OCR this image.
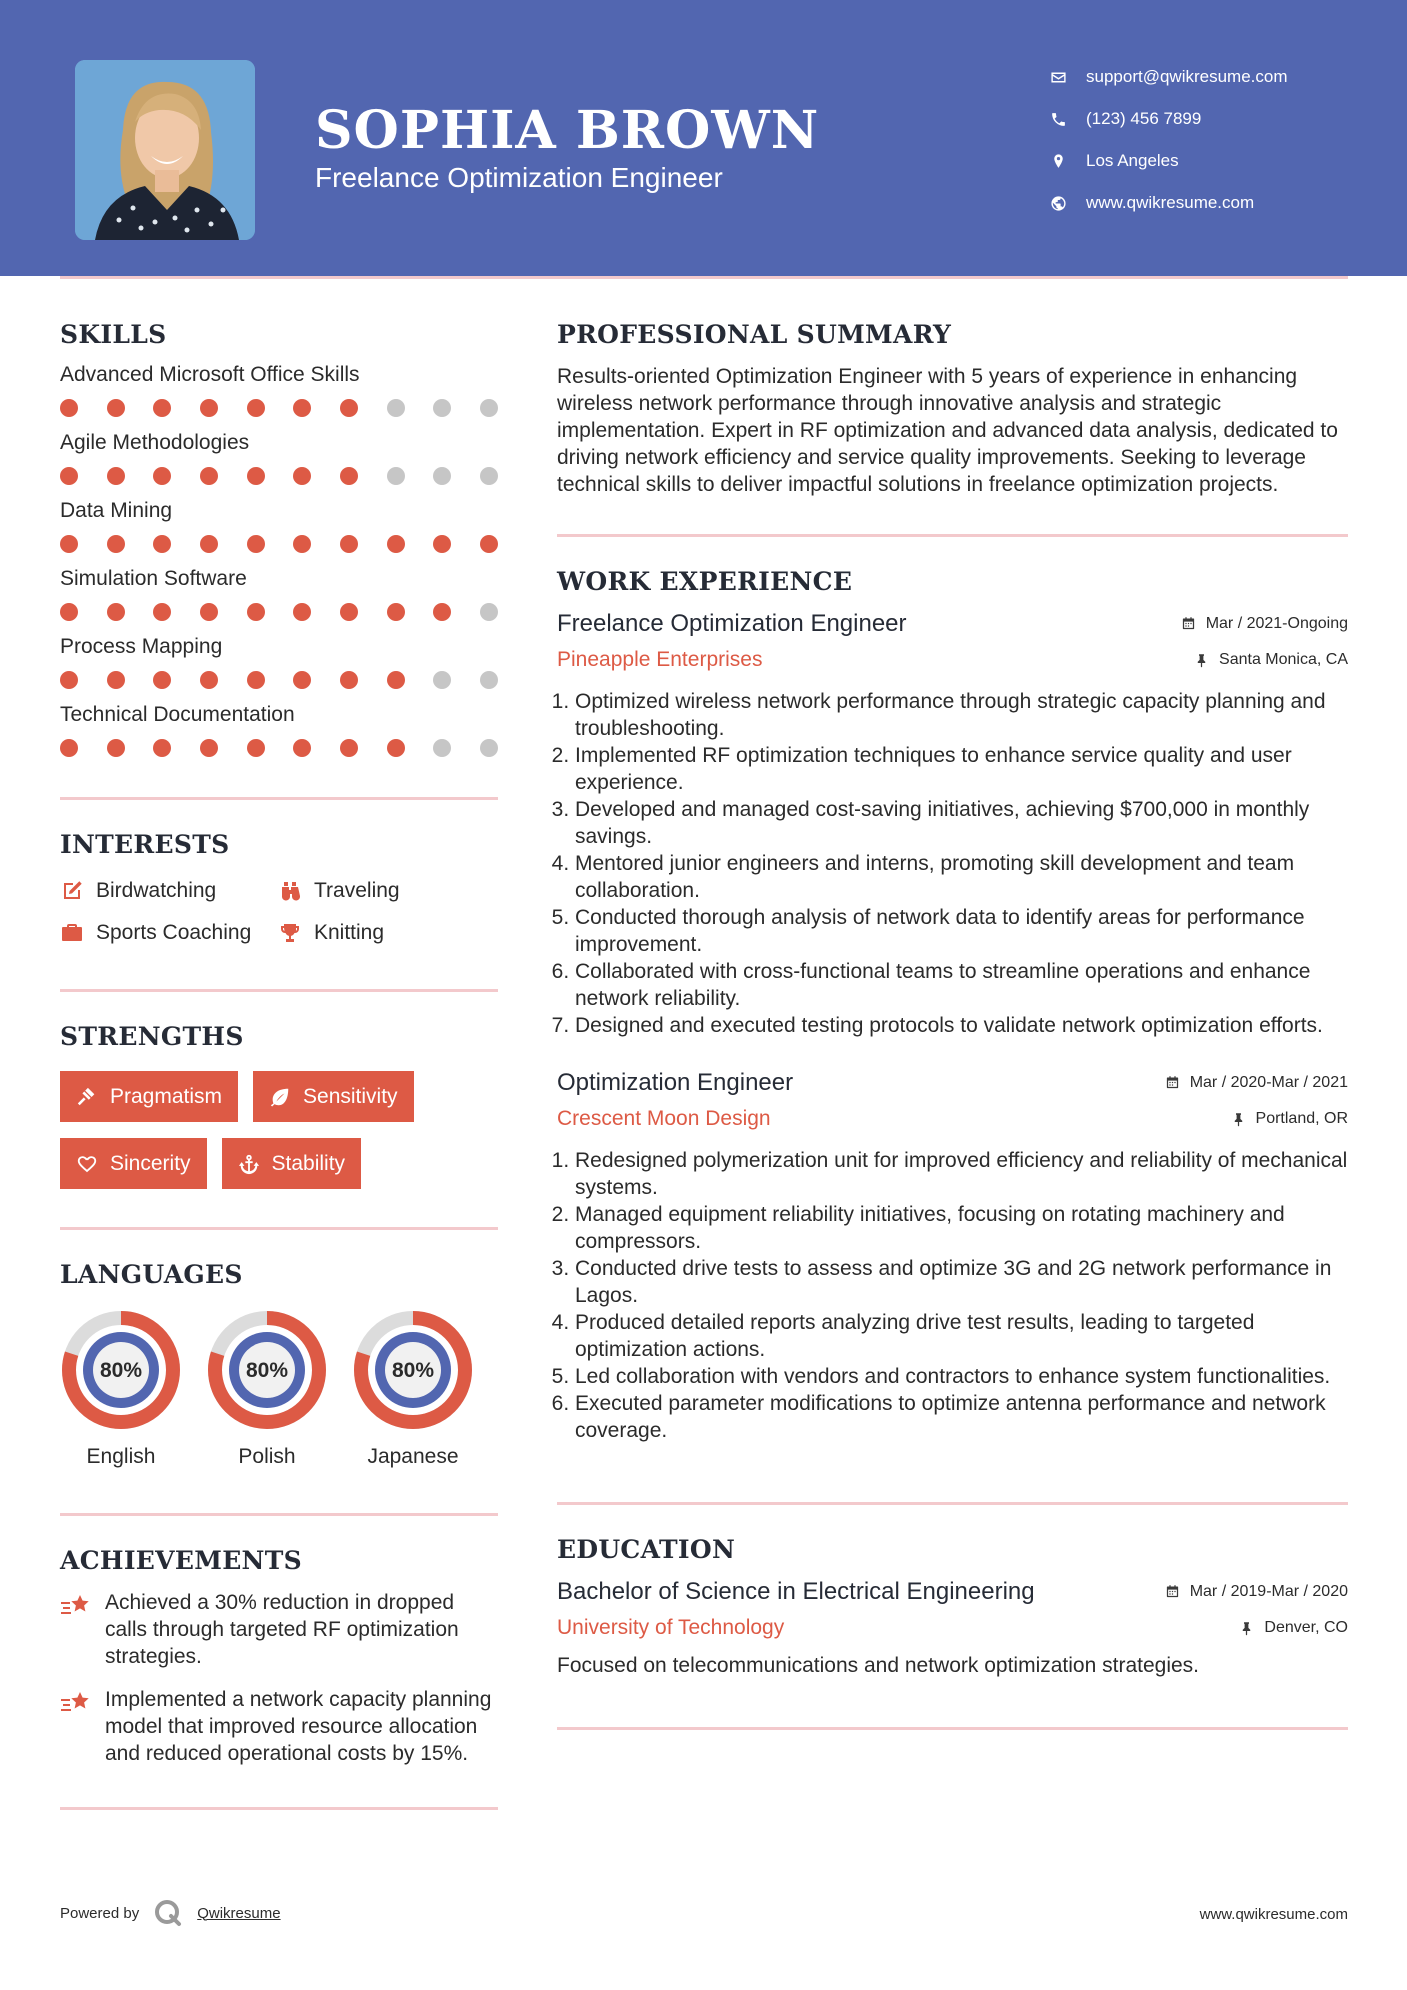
SOPHIA BROWN
Freelance Optimization Engineer
support@qwikresume.com
(123) 456 7899
Los Angeles
www.qwikresume.com
SKILLS
Advanced Microsoft Office Skills
Agile Methodologies
Data Mining
Simulation Software
Process Mapping
Technical Documentation
INTERESTS
Birdwatching	Traveling
Sports Coaching	Knitting
STRENGTHS
Pragmatism	Sensitivity
Sincerity	Stability
LANGUAGES
80%
English
80%
Polish
80%
Japanese
ACHIEVEMENTS
Achieved a 30% reduction in dropped calls through targeted RF optimization strategies.
Implemented a network capacity planning model that improved resource allocation and reduced operational costs by 15%.
PROFESSIONAL SUMMARY
Results-oriented Optimization Engineer with 5 years of experience in enhancing wireless network performance through innovative analysis and strategic implementation. Expert in RF optimization and advanced data analysis, dedicated to driving network efficiency and service quality improvements. Seeking to leverage technical skills to deliver impactful solutions in freelance optimization projects.
WORK EXPERIENCE
Freelance Optimization Engineer	Mar / 2021-Ongoing
Pineapple Enterprises	Santa Monica, CA
1. Optimized wireless network performance through strategic capacity planning and troubleshooting.
2. Implemented RF optimization techniques to enhance service quality and user experience.
3. Developed and managed cost-saving initiatives, achieving $700,000 in monthly savings.
4. Mentored junior engineers and interns, promoting skill development and team collaboration.
5. Conducted thorough analysis of network data to identify areas for performance improvement.
6. Collaborated with cross-functional teams to streamline operations and enhance network reliability.
7. Designed and executed testing protocols to validate network optimization efforts.
Optimization Engineer	Mar / 2020-Mar / 2021
Crescent Moon Design	Portland, OR
1. Redesigned polymerization unit for improved efficiency and reliability of mechanical systems.
2. Managed equipment reliability initiatives, focusing on rotating machinery and compressors.
3. Conducted drive tests to assess and optimize 3G and 2G network performance in Lagos.
4. Produced detailed reports analyzing drive test results, leading to targeted optimization actions.
5. Led collaboration with vendors and contractors to enhance system functionalities.
6. Executed parameter modifications to optimize antenna performance and network coverage.
EDUCATION
Bachelor of Science in Electrical Engineering	Mar / 2019-Mar / 2020
University of Technology	Denver, CO
Focused on telecommunications and network optimization strategies.
Powered by	Qwikresume	www.qwikresume.com
